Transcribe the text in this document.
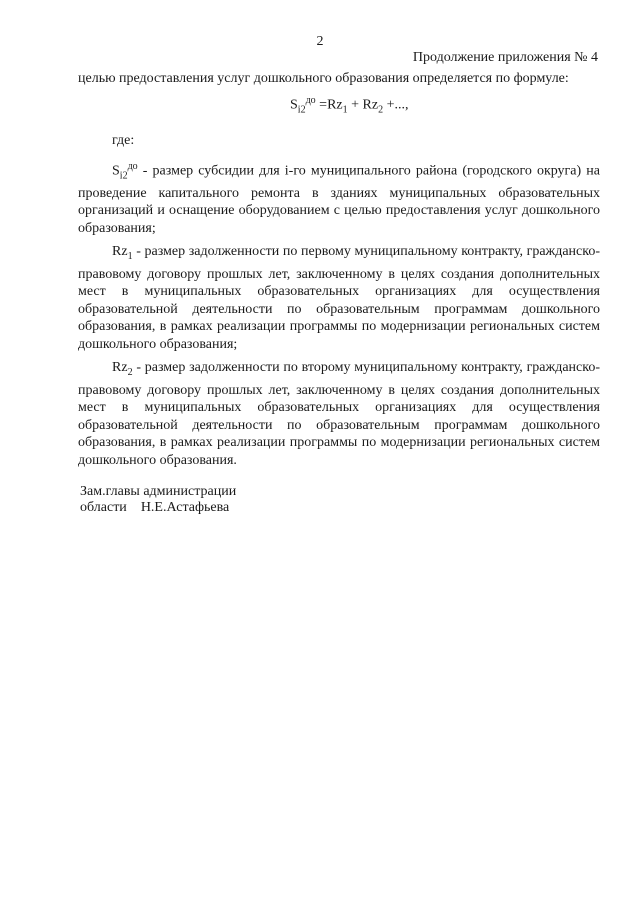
2
Продолжение приложения № 4

целью предоставления услуг дошкольного образования определяется по формуле:

$S_{i2}^{до} =Rz_1 + Rz_2$ +...,

где:

$S_{i2}^{до}$ - размер субсидии для i-го муниципального района (городского округа) на проведение капитального ремонта в зданиях муниципальных образовательных организаций и оснащение оборудованием с целью предоставления услуг дошкольного образования;

$Rz_1$ - размер задолженности по первому муниципальному контракту, гражданско-правовому договору прошлых лет, заключенному в целях создания дополнительных мест в муниципальных образовательных организациях для осуществления образовательной деятельности по образовательным программам дошкольного образования, в рамках реализации программы по модернизации региональных систем дошкольного образования;

$Rz_2$ - размер задолженности по второму муниципальному контракту, гражданско-правовому договору прошлых лет, заключенному в целях создания дополнительных мест в муниципальных образовательных организациях для осуществления образовательной деятельности по образовательным программам дошкольного образования, в рамках реализации программы по модернизации региональных систем дошкольного образования.

Зам.главы администрации
области Н.Е.Астафьева
